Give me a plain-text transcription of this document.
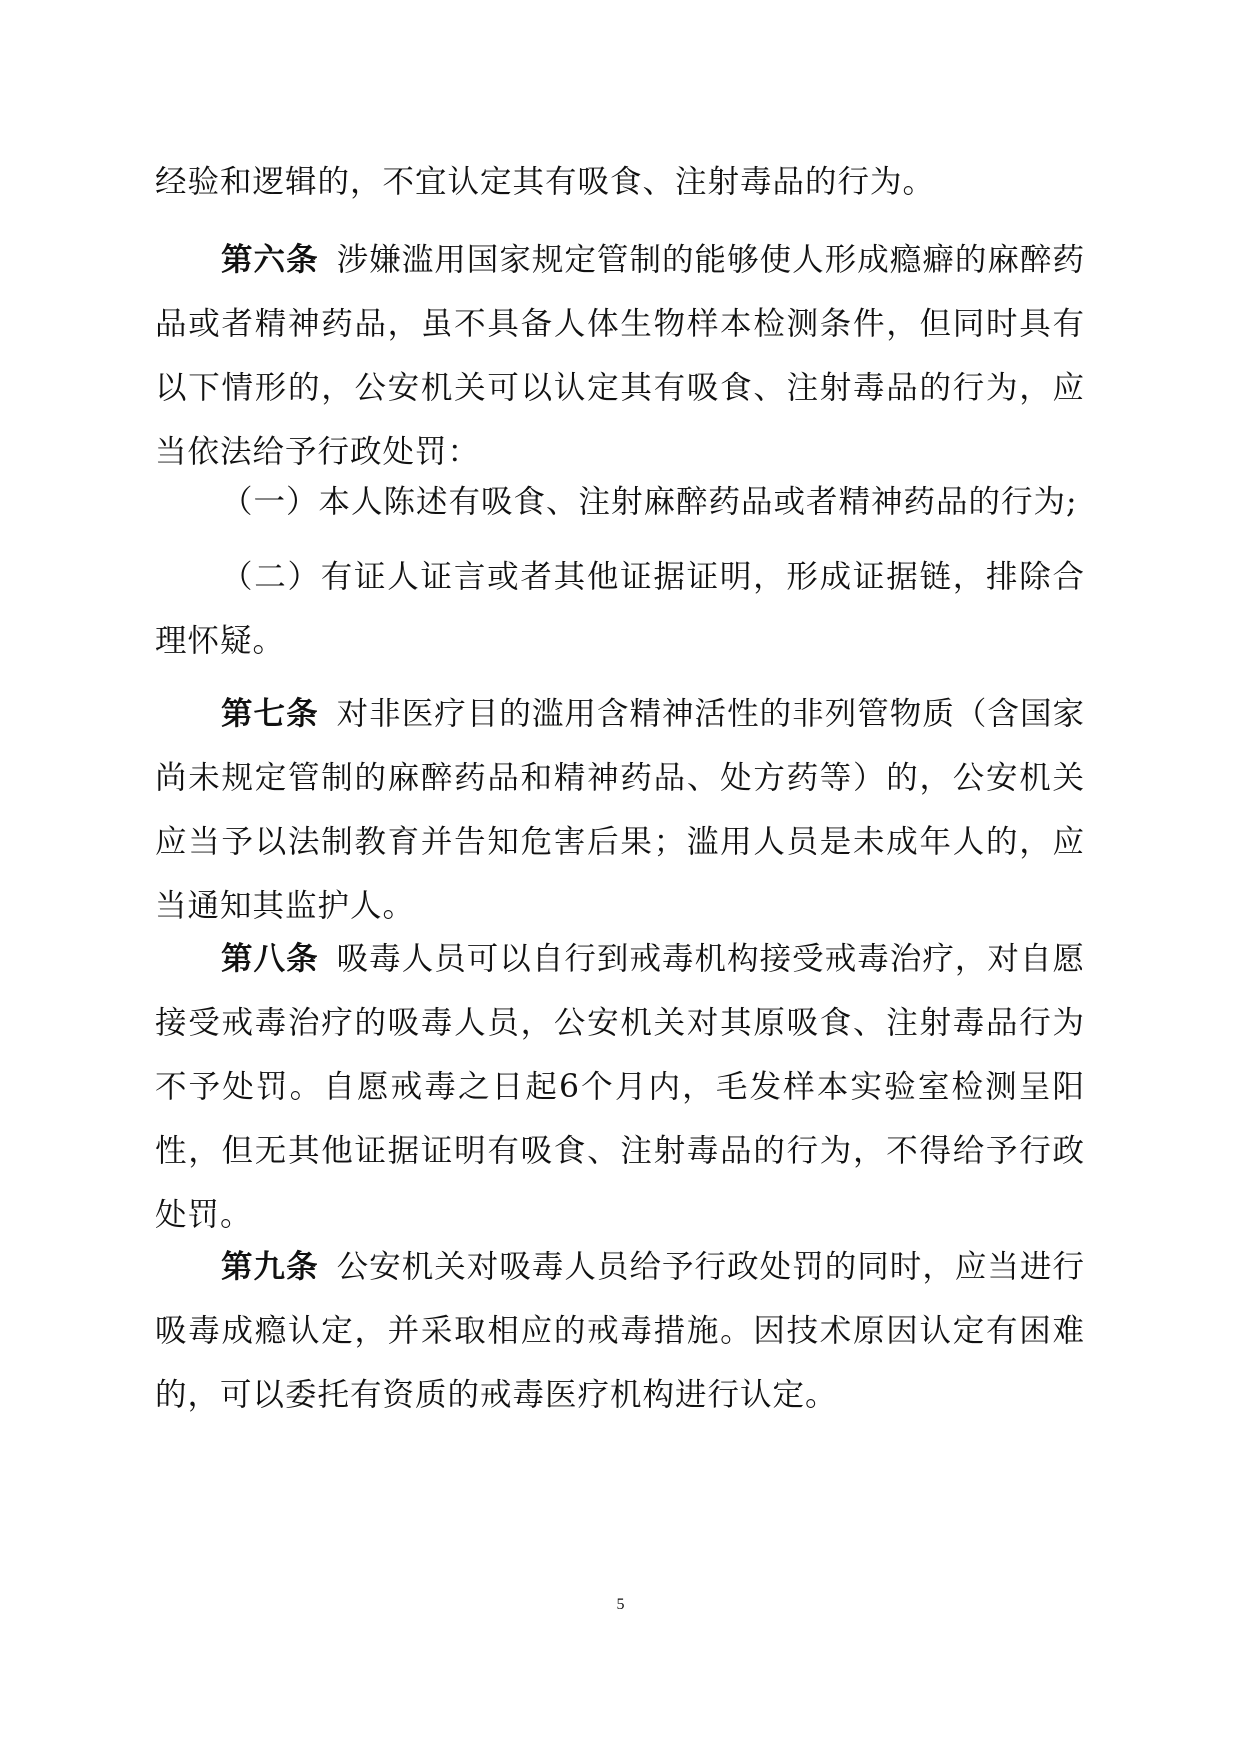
经验和逻辑的，不宜认定其有吸食、注射毒品的行为。

第六条 涉嫌滥用国家规定管制的能够使人形成瘾癖的麻醉药品或者精神药品，虽不具备人体生物样本检测条件，但同时具有以下情形的，公安机关可以认定其有吸食、注射毒品的行为，应当依法给予行政处罚：

（一）本人陈述有吸食、注射麻醉药品或者精神药品的行为;

（二）有证人证言或者其他证据证明，形成证据链，排除合理怀疑。

第七条 对非医疗目的滥用含精神活性的非列管物质（含国家尚未规定管制的麻醉药品和精神药品、处方药等）的，公安机关应当予以法制教育并告知危害后果；滥用人员是未成年人的，应当通知其监护人。

第八条 吸毒人员可以自行到戒毒机构接受戒毒治疗，对自愿接受戒毒治疗的吸毒人员，公安机关对其原吸食、注射毒品行为不予处罚。自愿戒毒之日起6个月内，毛发样本实验室检测呈阳性，但无其他证据证明有吸食、注射毒品的行为，不得给予行政处罚。

第九条 公安机关对吸毒人员给予行政处罚的同时，应当进行吸毒成瘾认定，并采取相应的戒毒措施。因技术原因认定有困难的，可以委托有资质的戒毒医疗机构进行认定。

5
